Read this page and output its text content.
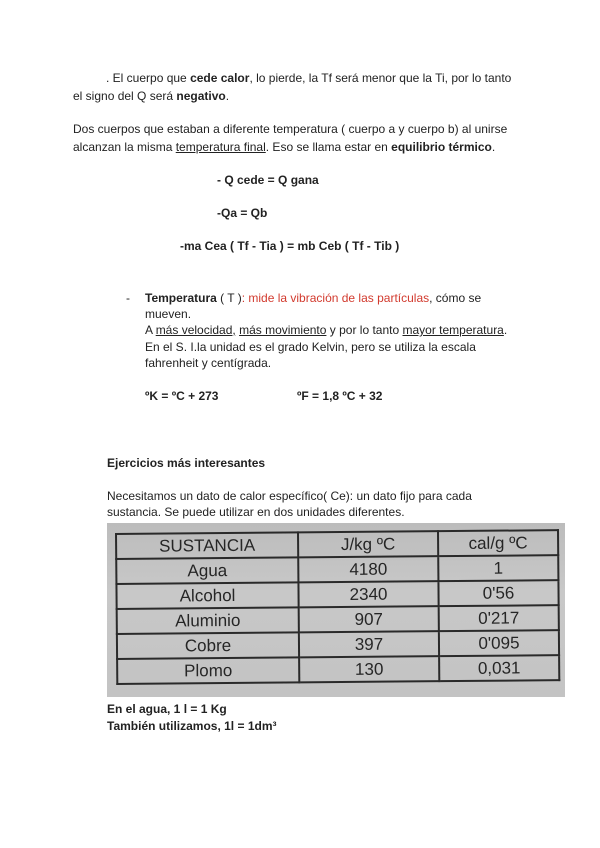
. El cuerpo que cede calor, lo pierde, la Tf será menor que la Ti, por lo tanto
el signo del Q será negativo.
Dos cuerpos que estaban a diferente temperatura ( cuerpo a y cuerpo b) al unirse
alcanzan la misma temperatura final. Eso se llama estar en equilibrio térmico.
- Q cede = Q gana
-Qa = Qb
-ma Cea ( Tf - Tia ) = mb Ceb ( Tf - Tib )
- Temperatura ( T ): mide la vibración de las partículas, cómo se
mueven.
A más velocidad, más movimiento y por lo tanto mayor temperatura.
En el S. I.la unidad es el grado Kelvin, pero se utiliza la escala
fahrenheit y centígrada.
ºK = ºC + 273	ºF = 1,8 ºC + 32
Ejercicios más interesantes
Necesitamos un dato de calor específico( Ce): un dato fijo para cada
sustancia. Se puede utilizar en dos unidades diferentes.
SUSTANCIA	J/kg ºC	cal/g ºC
Agua	4180	1
Alcohol	2340	0'56
Aluminio	907	0'217
Cobre	397	0'095
Plomo	130	0,031
En el agua, 1 l = 1 Kg
También utilizamos, 1l = 1dm³
